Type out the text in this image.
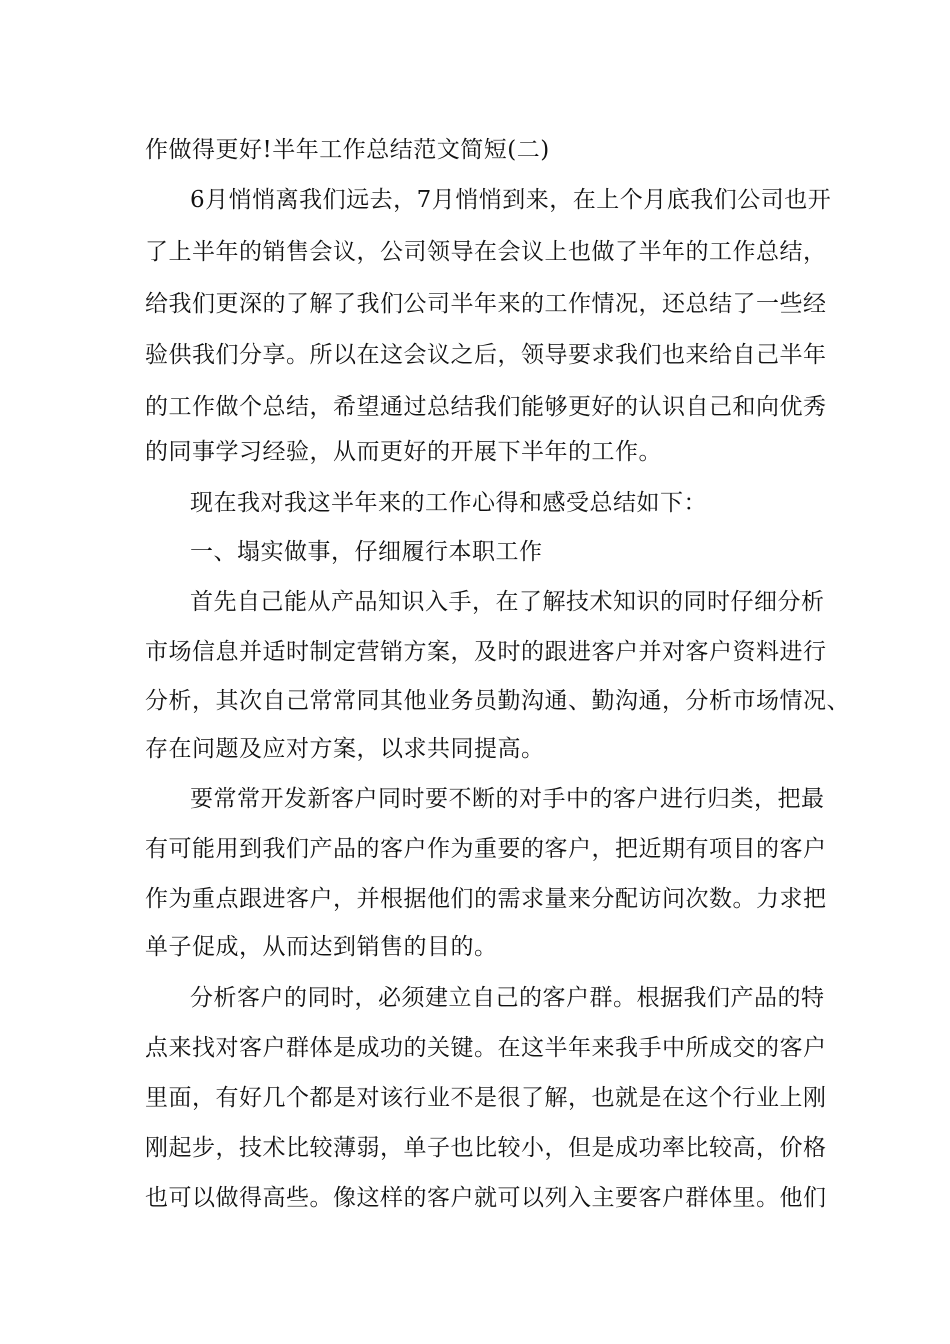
作做得更好!半年工作总结范文简短(二)
6月悄悄离我们远去，7月悄悄到来，在上个月底我们公司也开
了上半年的销售会议，公司领导在会议上也做了半年的工作总结，
给我们更深的了解了我们公司半年来的工作情况，还总结了一些经
验供我们分享。所以在这会议之后，领导要求我们也来给自己半年
的工作做个总结，希望通过总结我们能够更好的认识自己和向优秀
的同事学习经验，从而更好的开展下半年的工作。
现在我对我这半年来的工作心得和感受总结如下：
一、塌实做事，仔细履行本职工作
首先自己能从产品知识入手，在了解技术知识的同时仔细分析
市场信息并适时制定营销方案，及时的跟进客户并对客户资料进行
分析，其次自己常常同其他业务员勤沟通、勤沟通，分析市场情况、
存在问题及应对方案，以求共同提高。
要常常开发新客户同时要不断的对手中的客户进行归类，把最
有可能用到我们产品的客户作为重要的客户，把近期有项目的客户
作为重点跟进客户，并根据他们的需求量来分配访问次数。力求把
单子促成，从而达到销售的目的。
分析客户的同时，必须建立自己的客户群。根据我们产品的特
点来找对客户群体是成功的关键。在这半年来我手中所成交的客户
里面，有好几个都是对该行业不是很了解，也就是在这个行业上刚
刚起步，技术比较薄弱，单子也比较小，但是成功率比较高，价格
也可以做得高些。像这样的客户就可以列入主要客户群体里。他们
